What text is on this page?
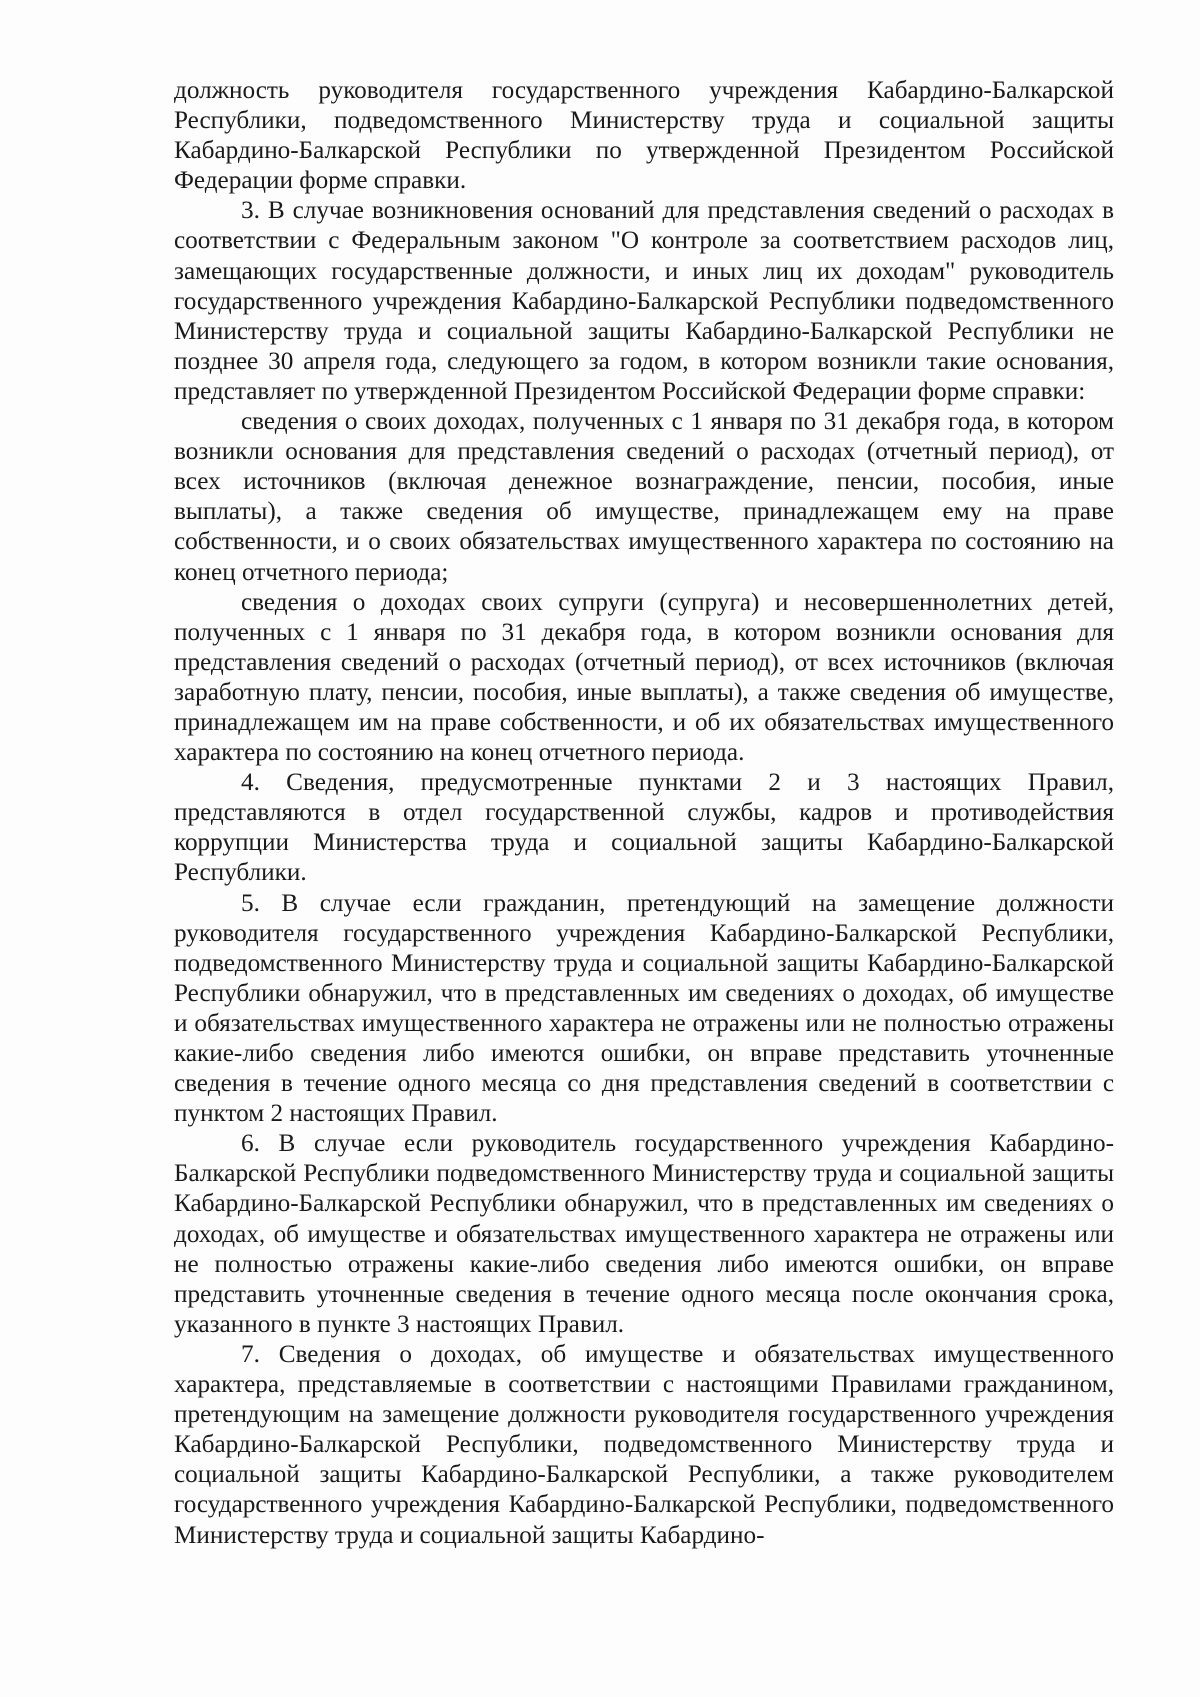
должность руководителя государственного учреждения Кабардино-Балкарской Республики, подведомственного Министерству труда и социальной защиты Кабардино-Балкарской Республики по утвержденной Президентом Российской Федерации форме справки.

3. В случае возникновения оснований для представления сведений о расходах в соответствии с Федеральным законом "О контроле за соответствием расходов лиц, замещающих государственные должности, и иных лиц их доходам" руководитель государственного учреждения Кабардино-Балкарской Республики подведомственного Министерству труда и социальной защиты Кабардино-Балкарской Республики не позднее 30 апреля года, следующего за годом, в котором возникли такие основания, представляет по утвержденной Президентом Российской Федерации форме справки:

сведения о своих доходах, полученных с 1 января по 31 декабря года, в котором возникли основания для представления сведений о расходах (отчетный период), от всех источников (включая денежное вознаграждение, пенсии, пособия, иные выплаты), а также сведения об имуществе, принадлежащем ему на праве собственности, и о своих обязательствах имущественного характера по состоянию на конец отчетного периода;

сведения о доходах своих супруги (супруга) и несовершеннолетних детей, полученных с 1 января по 31 декабря года, в котором возникли основания для представления сведений о расходах (отчетный период), от всех источников (включая заработную плату, пенсии, пособия, иные выплаты), а также сведения об имуществе, принадлежащем им на праве собственности, и об их обязательствах имущественного характера по состоянию на конец отчетного периода.

4. Сведения, предусмотренные пунктами 2 и 3 настоящих Правил, представляются в отдел государственной службы, кадров и противодействия коррупции Министерства труда и социальной защиты Кабардино-Балкарской Республики.

5. В случае если гражданин, претендующий на замещение должности руководителя государственного учреждения Кабардино-Балкарской Республики, подведомственного Министерству труда и социальной защиты Кабардино-Балкарской Республики обнаружил, что в представленных им сведениях о доходах, об имуществе и обязательствах имущественного характера не отражены или не полностью отражены какие-либо сведения либо имеются ошибки, он вправе представить уточненные сведения в течение одного месяца со дня представления сведений в соответствии с пунктом 2 настоящих Правил.

6. В случае если руководитель государственного учреждения Кабардино-Балкарской Республики подведомственного Министерству труда и социальной защиты Кабардино-Балкарской Республики обнаружил, что в представленных им сведениях о доходах, об имуществе и обязательствах имущественного характера не отражены или не полностью отражены какие-либо сведения либо имеются ошибки, он вправе представить уточненные сведения в течение одного месяца после окончания срока, указанного в пункте 3 настоящих Правил.

7. Сведения о доходах, об имуществе и обязательствах имущественного характера, представляемые в соответствии с настоящими Правилами гражданином, претендующим на замещение должности руководителя государственного учреждения Кабардино-Балкарской Республики, подведомственного Министерству труда и социальной защиты Кабардино-Балкарской Республики, а также руководителем государственного учреждения Кабардино-Балкарской Республики, подведомственного Министерству труда и социальной защиты Кабардино-
